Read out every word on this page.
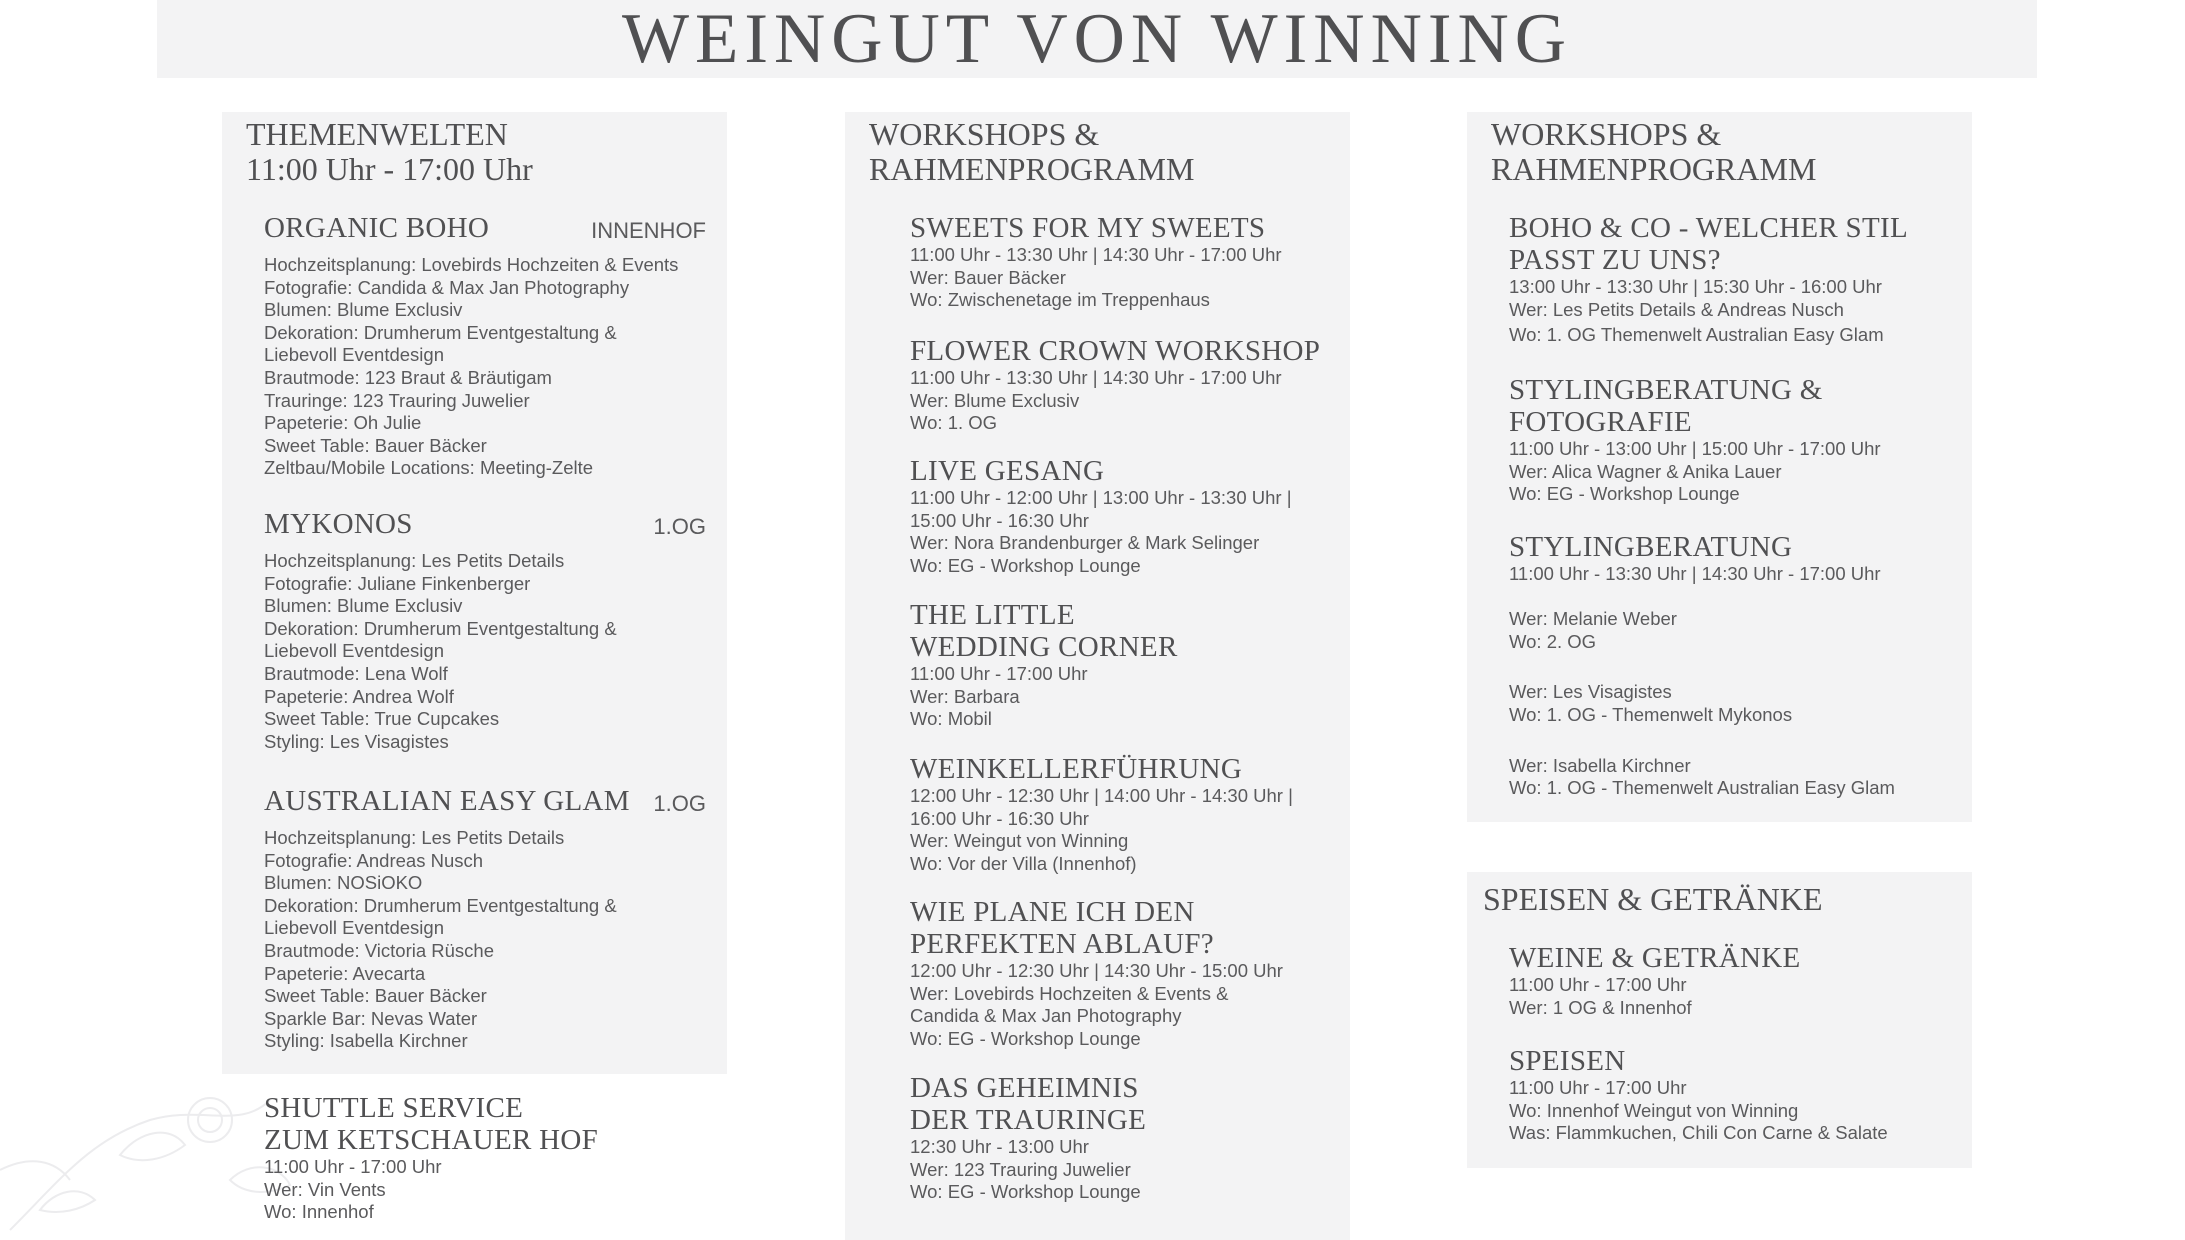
WEINGUT VON WINNING
THEMENWELTEN
11:00 Uhr - 17:00 Uhr
ORGANIC BOHO	INNENHOF
Hochzeitsplanung: Lovebirds Hochzeiten & Events
Fotografie: Candida & Max Jan Photography
Blumen: Blume Exclusiv
Dekoration: Drumherum Eventgestaltung &
Liebevoll Eventdesign
Brautmode: 123 Braut & Bräutigam
Trauringe: 123 Trauring Juwelier
Papeterie: Oh Julie
Sweet Table: Bauer Bäcker
Zeltbau/Mobile Locations: Meeting-Zelte
MYKONOS	1.OG
Hochzeitsplanung: Les Petits Details
Fotografie: Juliane Finkenberger
Blumen: Blume Exclusiv
Dekoration: Drumherum Eventgestaltung &
Liebevoll Eventdesign
Brautmode: Lena Wolf
Papeterie: Andrea Wolf
Sweet Table: True Cupcakes
Styling: Les Visagistes
AUSTRALIAN EASY GLAM	1.OG
Hochzeitsplanung: Les Petits Details
Fotografie: Andreas Nusch
Blumen: NOSiOKO
Dekoration: Drumherum Eventgestaltung &
Liebevoll Eventdesign
Brautmode: Victoria Rüsche
Papeterie: Avecarta
Sweet Table: Bauer Bäcker
Sparkle Bar: Nevas Water
Styling: Isabella Kirchner
SHUTTLE SERVICE
ZUM KETSCHAUER HOF
11:00 Uhr - 17:00 Uhr
Wer: Vin Vents
Wo: Innenhof
WORKSHOPS &
RAHMENPROGRAMM
SWEETS FOR MY SWEETS
11:00 Uhr - 13:30 Uhr | 14:30 Uhr - 17:00 Uhr
Wer: Bauer Bäcker
Wo: Zwischenetage im Treppenhaus
FLOWER CROWN WORKSHOP
11:00 Uhr - 13:30 Uhr | 14:30 Uhr - 17:00 Uhr
Wer: Blume Exclusiv
Wo: 1. OG
LIVE GESANG
11:00 Uhr - 12:00 Uhr | 13:00 Uhr - 13:30 Uhr |
15:00 Uhr - 16:30 Uhr
Wer: Nora Brandenburger & Mark Selinger
Wo: EG - Workshop Lounge
THE LITTLE
WEDDING CORNER
11:00 Uhr - 17:00 Uhr
Wer: Barbara
Wo: Mobil
WEINKELLERFÜHRUNG
12:00 Uhr - 12:30 Uhr | 14:00 Uhr - 14:30 Uhr |
16:00 Uhr - 16:30 Uhr
Wer: Weingut von Winning
Wo: Vor der Villa (Innenhof)
WIE PLANE ICH DEN
PERFEKTEN ABLAUF?
12:00 Uhr - 12:30 Uhr | 14:30 Uhr - 15:00 Uhr
Wer: Lovebirds Hochzeiten & Events &
Candida & Max Jan Photography
Wo: EG - Workshop Lounge
DAS GEHEIMNIS
DER TRAURINGE
12:30 Uhr - 13:00 Uhr
Wer: 123 Trauring Juwelier
Wo: EG - Workshop Lounge
WORKSHOPS &
RAHMENPROGRAMM
BOHO & CO - WELCHER STIL
PASST ZU UNS?
13:00 Uhr - 13:30 Uhr | 15:30 Uhr - 16:00 Uhr
Wer: Les Petits Details & Andreas Nusch
Wo: 1. OG Themenwelt Australian Easy Glam
STYLINGBERATUNG &
FOTOGRAFIE
11:00 Uhr - 13:00 Uhr | 15:00 Uhr - 17:00 Uhr
Wer: Alica Wagner & Anika Lauer
Wo: EG - Workshop Lounge
STYLINGBERATUNG
11:00 Uhr - 13:30 Uhr | 14:30 Uhr - 17:00 Uhr
Wer: Melanie Weber
Wo: 2. OG
Wer: Les Visagistes
Wo: 1. OG - Themenwelt Mykonos
Wer: Isabella Kirchner
Wo: 1. OG - Themenwelt Australian Easy Glam
SPEISEN & GETRÄNKE
WEINE & GETRÄNKE
11:00 Uhr - 17:00 Uhr
Wer: 1 OG & Innenhof
SPEISEN
11:00 Uhr - 17:00 Uhr
Wo: Innenhof Weingut von Winning
Was: Flammkuchen, Chili Con Carne & Salate
